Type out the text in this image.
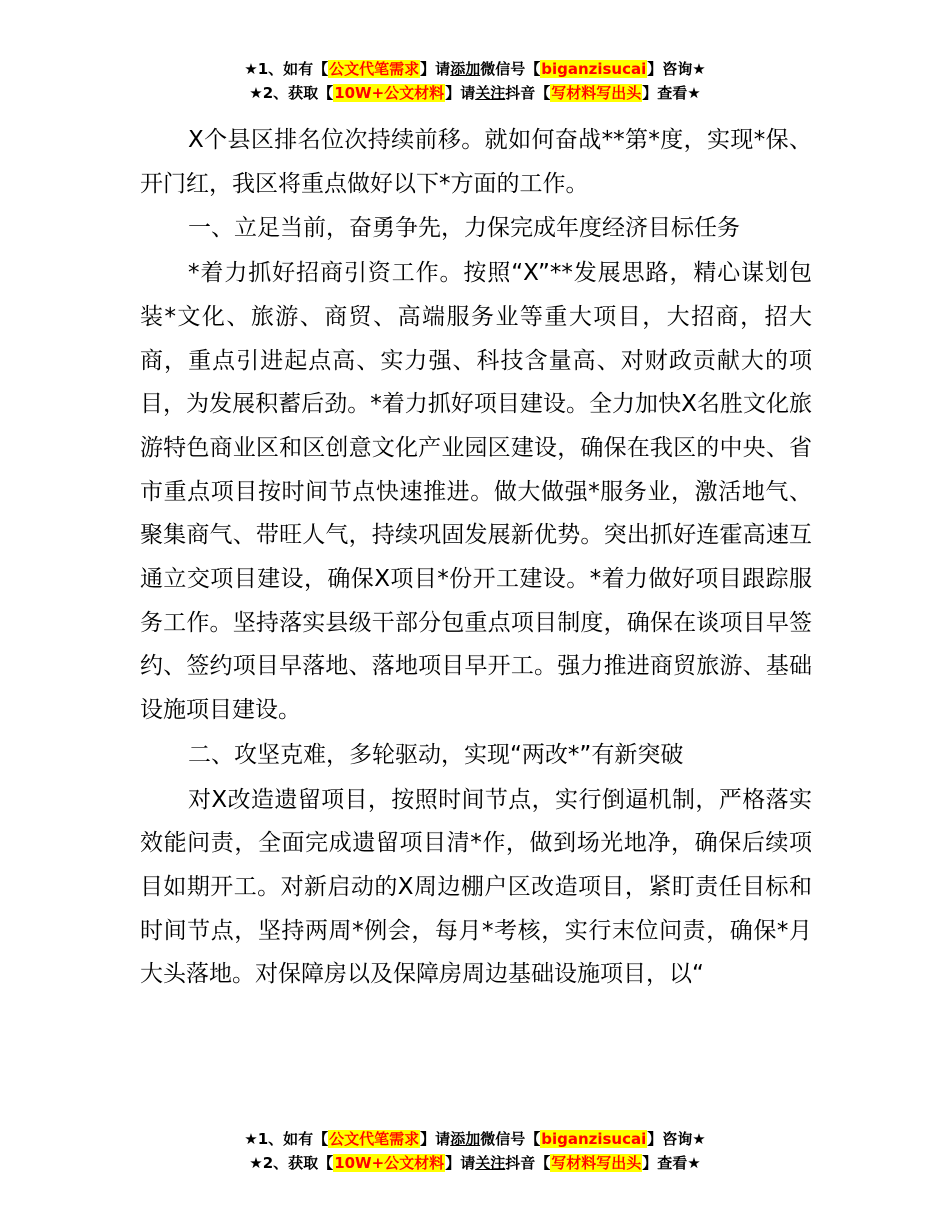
★1、如有【公文代笔需求】请添加微信号【biganzisucai】咨询★
★2、获取【10W+公文材料】请关注抖音【写材料写出头】查看★

X个县区排名位次持续前移。就如何奋战**第*度，实现*保、开门红，我区将重点做好以下*方面的工作。

一、立足当前，奋勇争先，力保完成年度经济目标任务

*着力抓好招商引资工作。按照“X”**发展思路，精心谋划包装*文化、旅游、商贸、高端服务业等重大项目，大招商，招大商，重点引进起点高、实力强、科技含量高、对财政贡献大的项目，为发展积蓄后劲。*着力抓好项目建设。全力加快X名胜文化旅游特色商业区和区创意文化产业园区建设，确保在我区的中央、省市重点项目按时间节点快速推进。做大做强*服务业，激活地气、聚集商气、带旺人气，持续巩固发展新优势。突出抓好连霍高速互通立交项目建设，确保X项目*份开工建设。*着力做好项目跟踪服务工作。坚持落实县级干部分包重点项目制度，确保在谈项目早签约、签约项目早落地、落地项目早开工。强力推进商贸旅游、基础设施项目建设。

二、攻坚克难，多轮驱动，实现“两改*”有新突破

对X改造遗留项目，按照时间节点，实行倒逼机制，严格落实效能问责，全面完成遗留项目清*作，做到场光地净，确保后续项目如期开工。对新启动的X周边棚户区改造项目，紧盯责任目标和时间节点，坚持两周*例会，每月*考核，实行末位问责，确保*月大头落地。对保障房以及保障房周边基础设施项目，以“

★1、如有【公文代笔需求】请添加微信号【biganzisucai】咨询★
★2、获取【10W+公文材料】请关注抖音【写材料写出头】查看★
